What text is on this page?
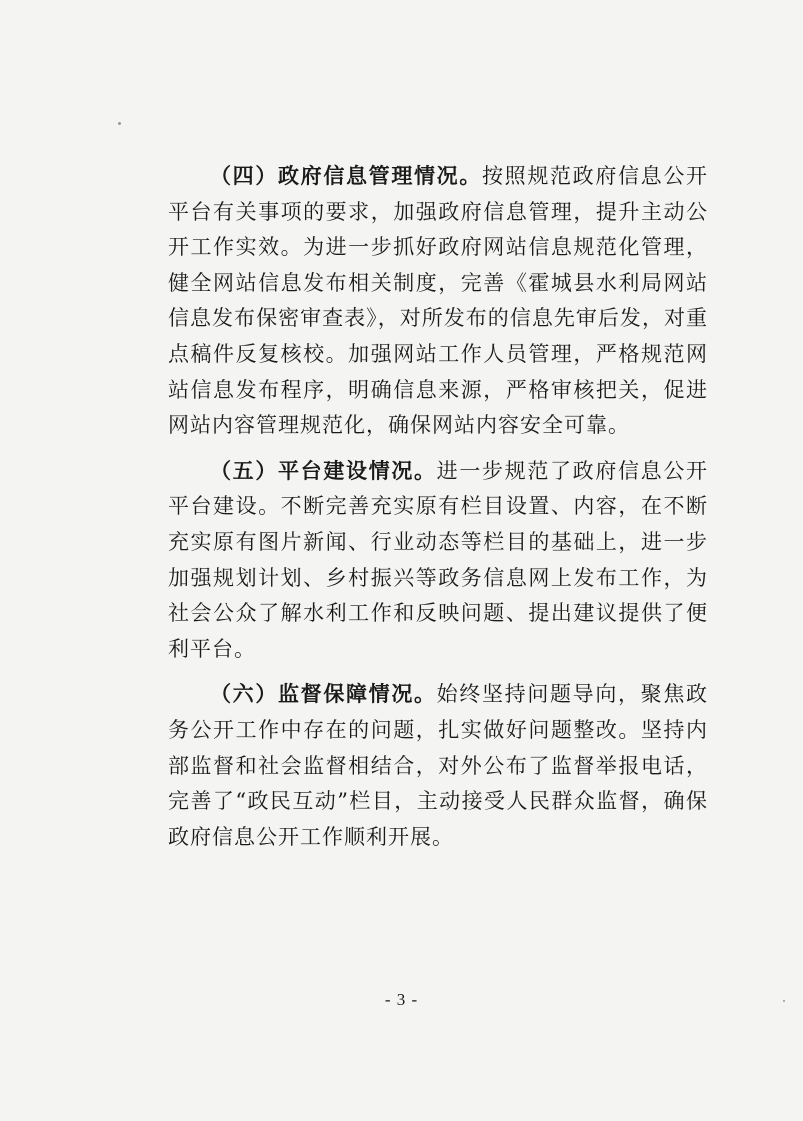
（四）政府信息管理情况。按照规范政府信息公开平台有关事项的要求，加强政府信息管理，提升主动公开工作实效。为进一步抓好政府网站信息规范化管理，健全网站信息发布相关制度，完善《霍城县水利局网站信息发布保密审查表》，对所发布的信息先审后发，对重点稿件反复核校。加强网站工作人员管理，严格规范网站信息发布程序，明确信息来源，严格审核把关，促进网站内容管理规范化，确保网站内容安全可靠。

（五）平台建设情况。进一步规范了政府信息公开平台建设。不断完善充实原有栏目设置、内容，在不断充实原有图片新闻、行业动态等栏目的基础上，进一步加强规划计划、乡村振兴等政务信息网上发布工作，为社会公众了解水利工作和反映问题、提出建议提供了便利平台。

（六）监督保障情况。始终坚持问题导向，聚焦政务公开工作中存在的问题，扎实做好问题整改。坚持内部监督和社会监督相结合，对外公布了监督举报电话，完善了“政民互动”栏目，主动接受人民群众监督，确保政府信息公开工作顺利开展。

- 3 -
